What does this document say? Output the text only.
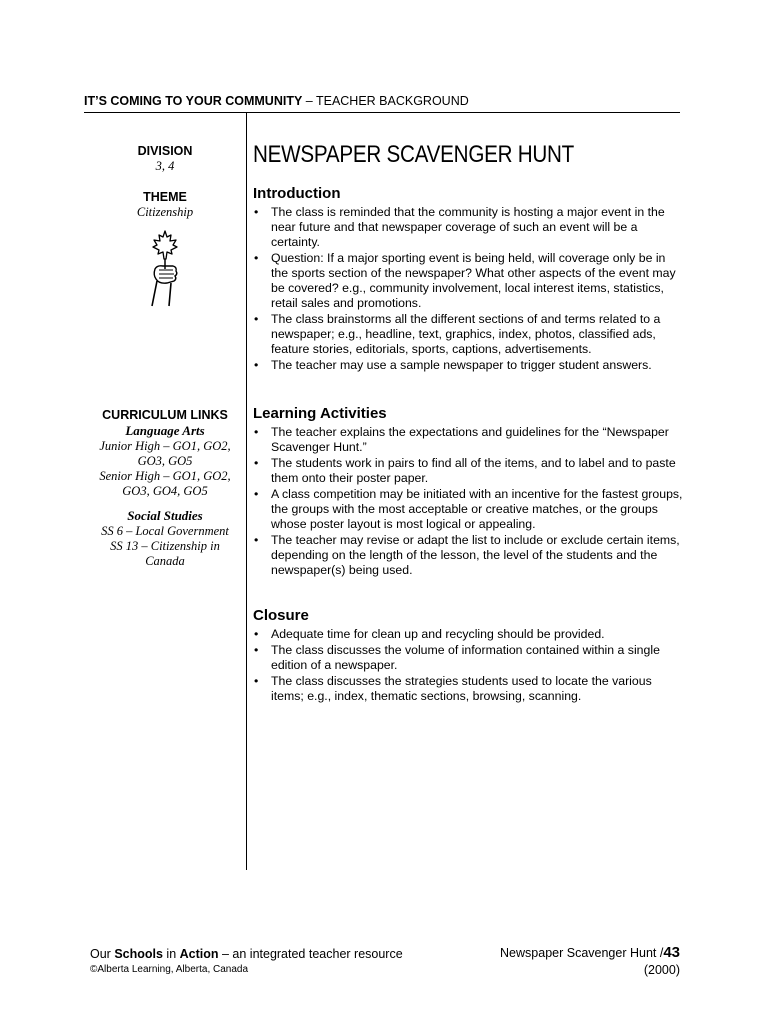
IT’S COMING TO YOUR COMMUNITY – TEACHER BACKGROUND
DIVISION
3, 4
THEME
Citizenship
CURRICULUM LINKS
Language Arts
Junior High – GO1, GO2,
GO3, GO5
Senior High – GO1, GO2,
GO3, GO4, GO5
Social Studies
SS 6 – Local Government
SS 13 – Citizenship in
Canada
NEWSPAPER SCAVENGER HUNT
Introduction
• The class is reminded that the community is hosting a major event in the near future and that newspaper coverage of such an event will be a certainty.
• Question: If a major sporting event is being held, will coverage only be in the sports section of the newspaper? What other aspects of the event may be covered? e.g., community involvement, local interest items, statistics, retail sales and promotions.
• The class brainstorms all the different sections of and terms related to a newspaper; e.g., headline, text, graphics, index, photos, classified ads, feature stories, editorials, sports, captions, advertisements.
• The teacher may use a sample newspaper to trigger student answers.
Learning Activities
• The teacher explains the expectations and guidelines for the “Newspaper Scavenger Hunt.”
• The students work in pairs to find all of the items, and to label and to paste them onto their poster paper.
• A class competition may be initiated with an incentive for the fastest groups, the groups with the most acceptable or creative matches, or the groups whose poster layout is most logical or appealing.
• The teacher may revise or adapt the list to include or exclude certain items, depending on the length of the lesson, the level of the students and the newspaper(s) being used.
Closure
• Adequate time for clean up and recycling should be provided.
• The class discusses the volume of information contained within a single edition of a newspaper.
• The class discusses the strategies students used to locate the various items; e.g., index, thematic sections, browsing, scanning.
Our Schools in Action – an integrated teacher resource
©Alberta Learning, Alberta, Canada
Newspaper Scavenger Hunt /43
(2000)
